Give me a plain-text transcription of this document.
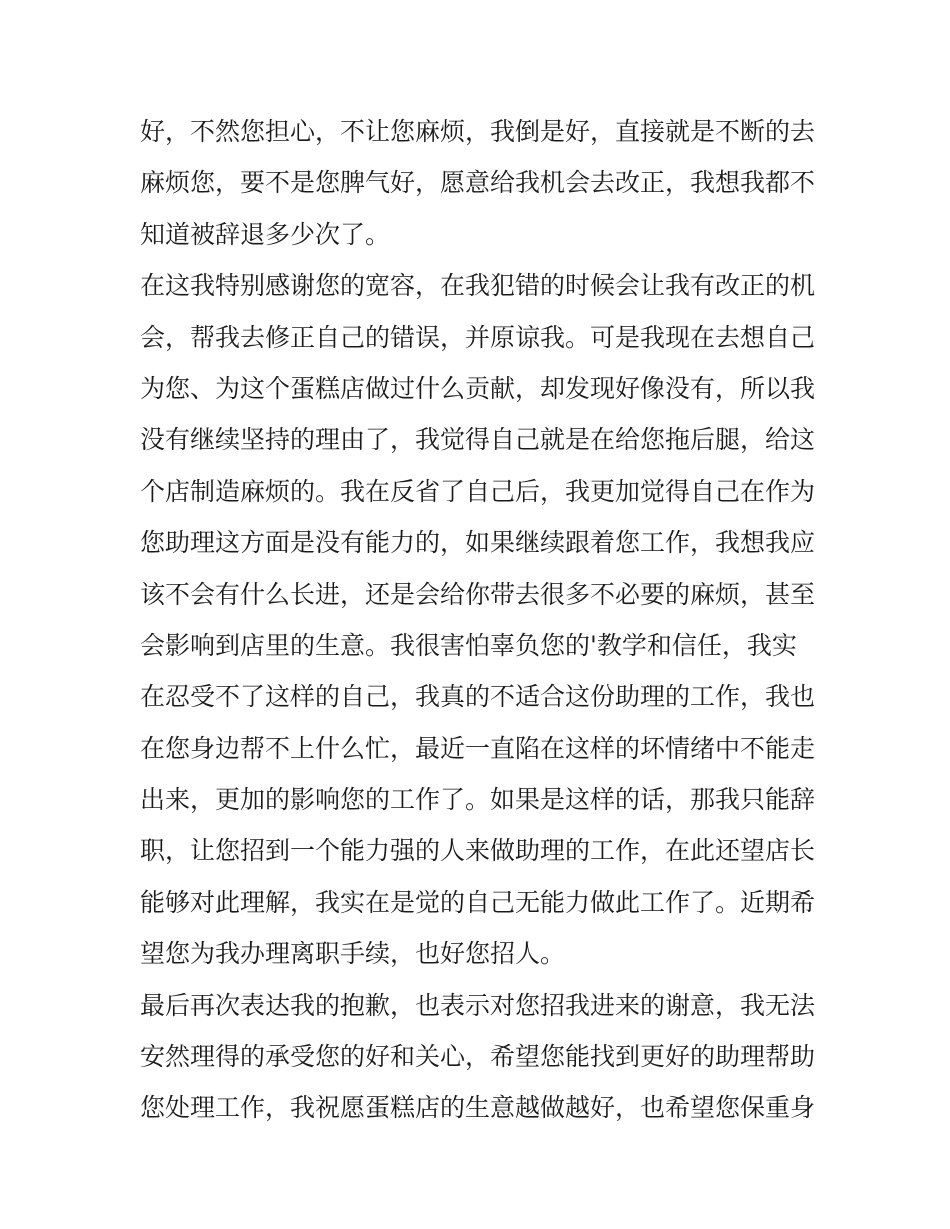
好，不然您担心，不让您麻烦，我倒是好，直接就是不断的去
麻烦您，要不是您脾气好，愿意给我机会去改正，我想我都不
知道被辞退多少次了。
在这我特别感谢您的宽容，在我犯错的时候会让我有改正的机
会，帮我去修正自己的错误，并原谅我。可是我现在去想自己
为您、为这个蛋糕店做过什么贡献，却发现好像没有，所以我
没有继续坚持的理由了，我觉得自己就是在给您拖后腿，给这
个店制造麻烦的。我在反省了自己后，我更加觉得自己在作为
您助理这方面是没有能力的，如果继续跟着您工作，我想我应
该不会有什么长进，还是会给你带去很多不必要的麻烦，甚至
会影响到店里的生意。我很害怕辜负您的'教学和信任，我实
在忍受不了这样的自己，我真的不适合这份助理的工作，我也
在您身边帮不上什么忙，最近一直陷在这样的坏情绪中不能走
出来，更加的影响您的工作了。如果是这样的话，那我只能辞
职，让您招到一个能力强的人来做助理的工作，在此还望店长
能够对此理解，我实在是觉的自己无能力做此工作了。近期希
望您为我办理离职手续，也好您招人。
最后再次表达我的抱歉，也表示对您招我进来的谢意，我无法
安然理得的承受您的好和关心，希望您能找到更好的助理帮助
您处理工作，我祝愿蛋糕店的生意越做越好，也希望您保重身
